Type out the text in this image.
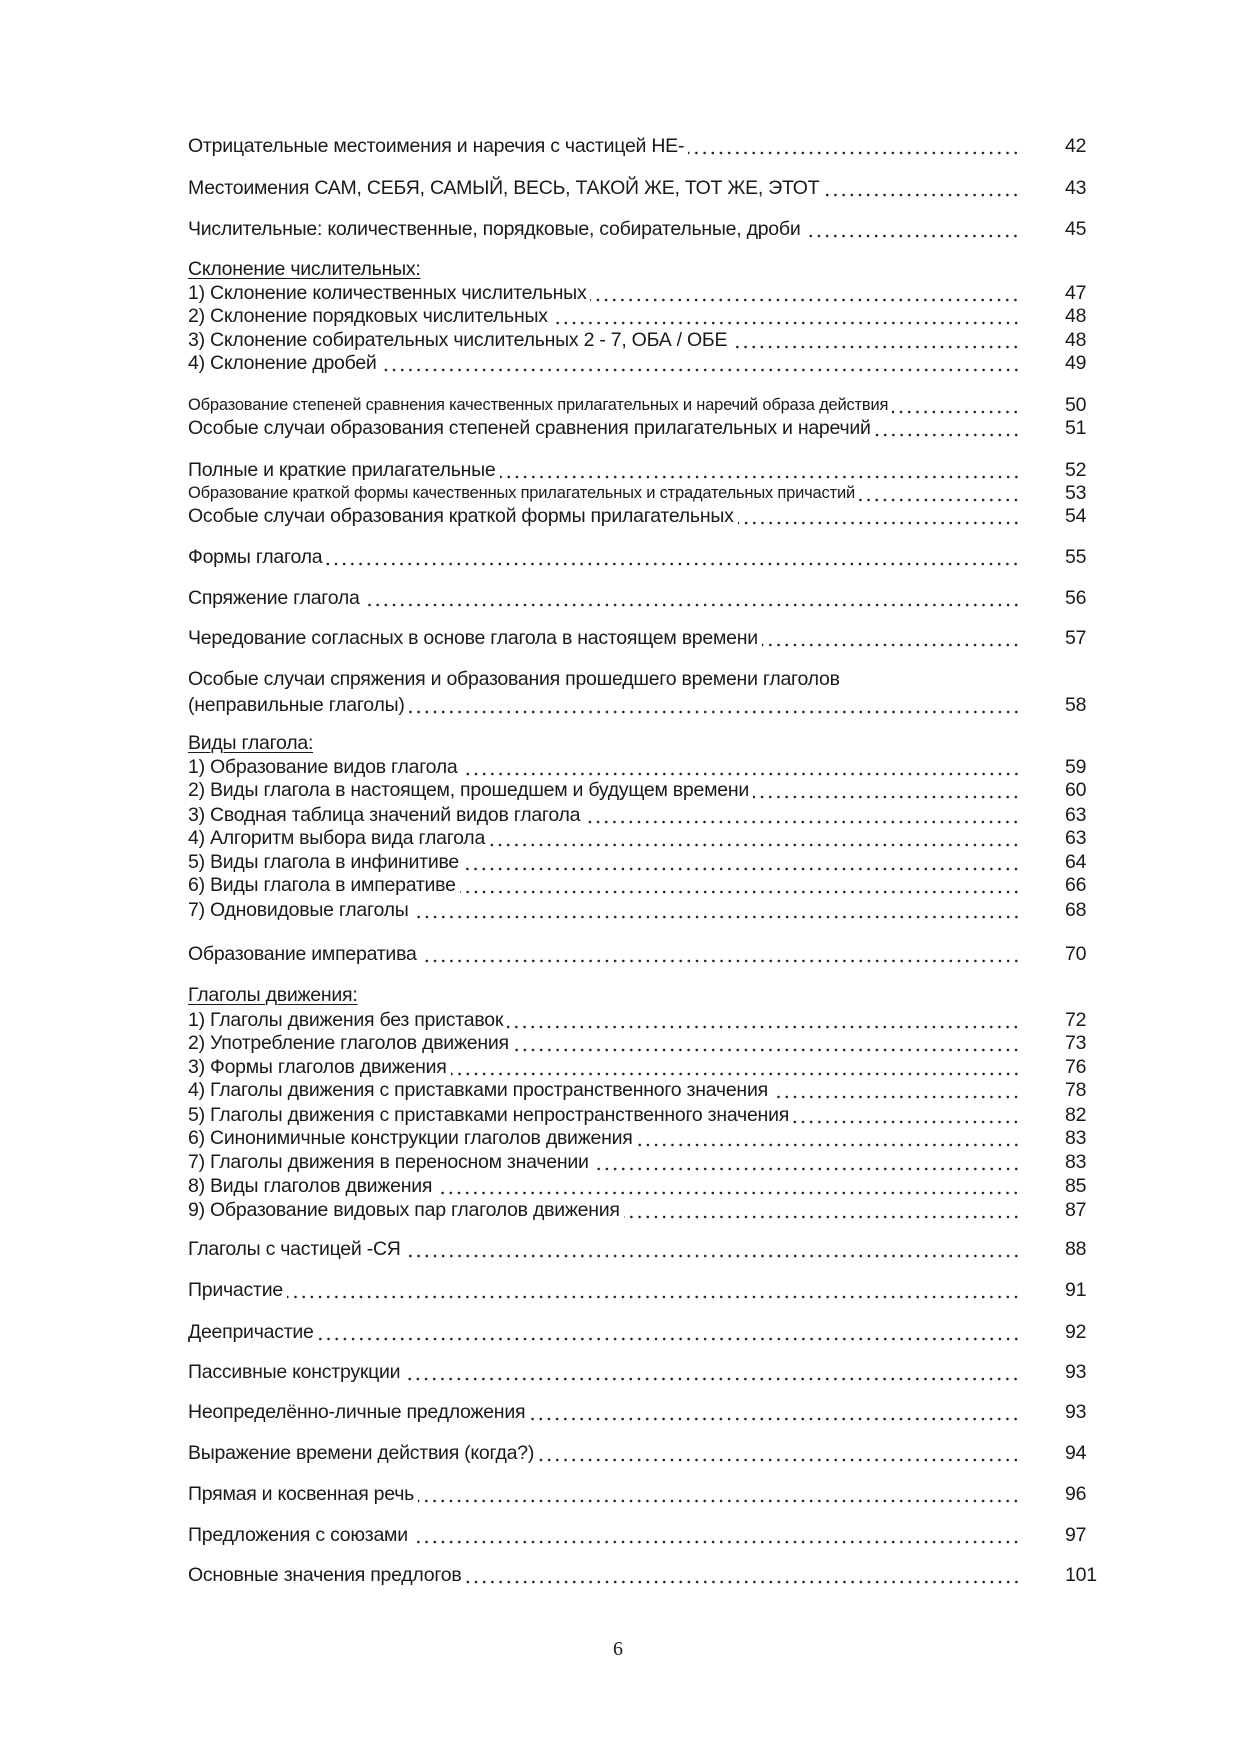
Отрицательные местоимения и наречия с частицей НЕ-	42
Местоимения САМ, СЕБЯ, САМЫЙ, ВЕСЬ, ТАКОЙ ЖЕ, ТОТ ЖЕ, ЭТОТ	43
Числительные: количественные, порядковые, собирательные, дроби	45
Склонение числительных:
1) Склонение количественных числительных	47
2) Склонение порядковых числительных	48
3) Склонение собирательных числительных 2 - 7, ОБА / ОБЕ	48
4) Склонение дробей	49
Образование степеней сравнения качественных прилагательных и наречий образа действия	50
Особые случаи образования степеней сравнения прилагательных и наречий	51
Полные и краткие прилагательные	52
Образование краткой формы качественных прилагательных и страдательных причастий	53
Особые случаи образования краткой формы прилагательных	54
Формы глагола	55
Спряжение глагола	56
Чередование согласных в основе глагола в настоящем времени	57
Особые случаи спряжения и образования прошедшего времени глаголов
(неправильные глаголы)	58
Виды глагола:
1) Образование видов глагола	59
2) Виды глагола в настоящем, прошедшем и будущем времени	60
3) Сводная таблица значений видов глагола	63
4) Алгоритм выбора вида глагола	63
5) Виды глагола в инфинитиве	64
6) Виды глагола в императиве	66
7) Одновидовые глаголы	68
Образование императива	70
Глаголы движения:
1) Глаголы движения без приставок	72
2) Употребление глаголов движения	73
3) Формы глаголов движения	76
4) Глаголы движения с приставками пространственного значения	78
5) Глаголы движения с приставками непространственного значения	82
6) Синонимичные конструкции глаголов движения	83
7) Глаголы движения в переносном значении	83
8) Виды глаголов движения	85
9) Образование видовых пар глаголов движения	87
Глаголы с частицей -СЯ	88
Причастие	91
Деепричастие	92
Пассивные конструкции	93
Неопределённо-личные предложения	93
Выражение времени действия (когда?)	94
Прямая и косвенная речь	96
Предложения с союзами	97
Основные значения предлогов	101
6
